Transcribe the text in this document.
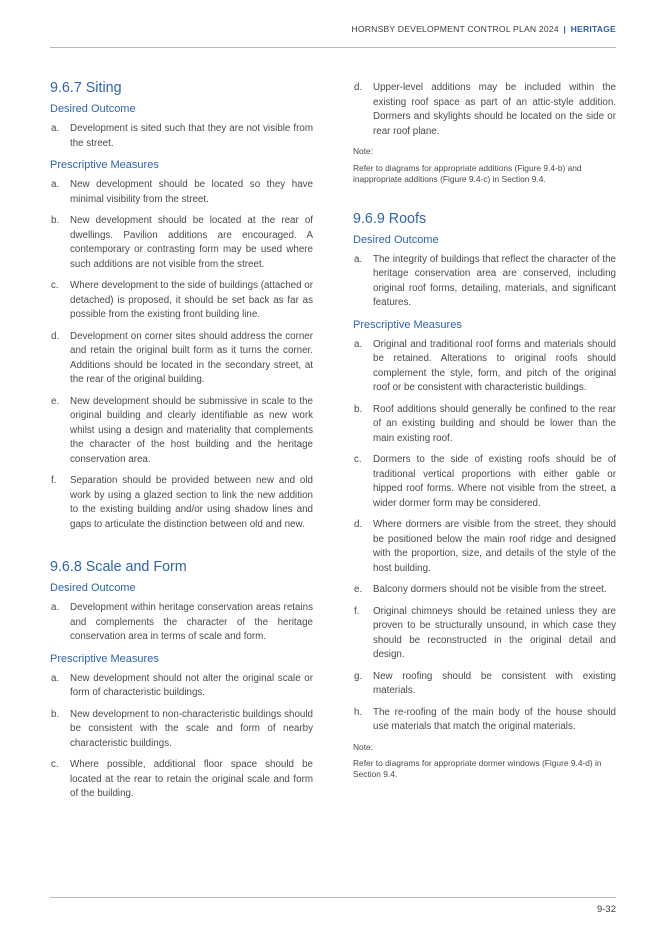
HORNSBY DEVELOPMENT CONTROL PLAN 2024 | HERITAGE
9.6.7 Siting
Desired Outcome
a. Development is sited such that they are not visible from the street.
Prescriptive Measures
a. New development should be located so they have minimal visibility from the street.
b. New development should be located at the rear of dwellings. Pavilion additions are encouraged. A contemporary or contrasting form may be used where such additions are not visible from the street.
c. Where development to the side of buildings (attached or detached) is proposed, it should be set back as far as possible from the existing front building line.
d. Development on corner sites should address the corner and retain the original built form as it turns the corner. Additions should be located in the secondary street, at the rear of the original building.
e. New development should be submissive in scale to the original building and clearly identifiable as new work whilst using a design and materiality that complements the character of the host building and the heritage conservation area.
f. Separation should be provided between new and old work by using a glazed section to link the new addition to the existing building and/or using shadow lines and gaps to articulate the distinction between old and new.
9.6.8 Scale and Form
Desired Outcome
a. Development within heritage conservation areas retains and complements the character of the heritage conservation area in terms of scale and form.
Prescriptive Measures
a. New development should not alter the original scale or form of characteristic buildings.
b. New development to non-characteristic buildings should be consistent with the scale and form of nearby characteristic buildings.
c. Where possible, additional floor space should be located at the rear to retain the original scale and form of the building.
d. Upper-level additions may be included within the existing roof space as part of an attic-style addition. Dormers and skylights should be located on the side or rear roof plane.

Note:

Refer to diagrams for appropriate additions (Figure 9.4-b) and inappropriate additions (Figure 9.4-c) in Section 9.4.

9.6.9 Roofs
Desired Outcome
a. The integrity of buildings that reflect the character of the heritage conservation area are conserved, including original roof forms, detailing, materials, and significant features.
Prescriptive Measures
a. Original and traditional roof forms and materials should be retained. Alterations to original roofs should complement the style, form, and pitch of the original roof or be consistent with characteristic buildings.
b. Roof additions should generally be confined to the rear of an existing building and should be lower than the main existing roof.
c. Dormers to the side of existing roofs should be of traditional vertical proportions with either gable or hipped roof forms. Where not visible from the street, a wider dormer form may be considered.
d. Where dormers are visible from the street, they should be positioned below the main roof ridge and designed with the proportion, size, and details of the style of the host building.
e. Balcony dormers should not be visible from the street.
f. Original chimneys should be retained unless they are proven to be structurally unsound, in which case they should be reconstructed in the original detail and design.
g. New roofing should be consistent with existing materials.
h. The re-roofing of the main body of the house should use materials that match the original materials.

Note:

Refer to diagrams for appropriate dormer windows (Figure 9.4-d) in Section 9.4.

9-32
